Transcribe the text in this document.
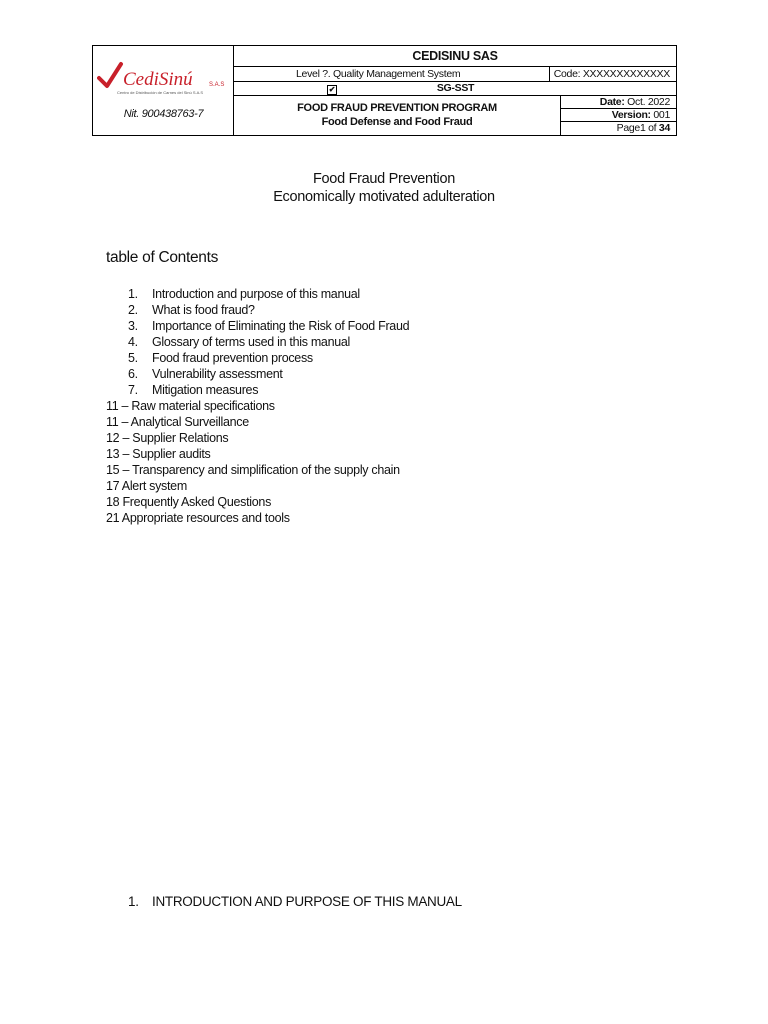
CediSinú	S.A.S
Centro de Distribución de Carnes del Sinú S.A.S
Nit. 900438763-7
CEDISINU SAS
Level ?. Quality Management System	Code: XXXXXXXXXXXXX
✔	SG-SST
FOOD FRAUD PREVENTION PROGRAM
Food Defense and Food Fraud
Date: Oct. 2022
Version: 001
Page1 of 34
Food Fraud Prevention
Economically motivated adulteration
table of Contents
1. Introduction and purpose of this manual
2. What is food fraud?
3. Importance of Eliminating the Risk of Food Fraud
4. Glossary of terms used in this manual
5. Food fraud prevention process
6. Vulnerability assessment
7. Mitigation measures
11 – Raw material specifications
11 – Analytical Surveillance
12 – Supplier Relations
13 – Supplier audits
15 – Transparency and simplification of the supply chain
17 Alert system
18 Frequently Asked Questions
21 Appropriate resources and tools
1. INTRODUCTION AND PURPOSE OF THIS MANUAL
